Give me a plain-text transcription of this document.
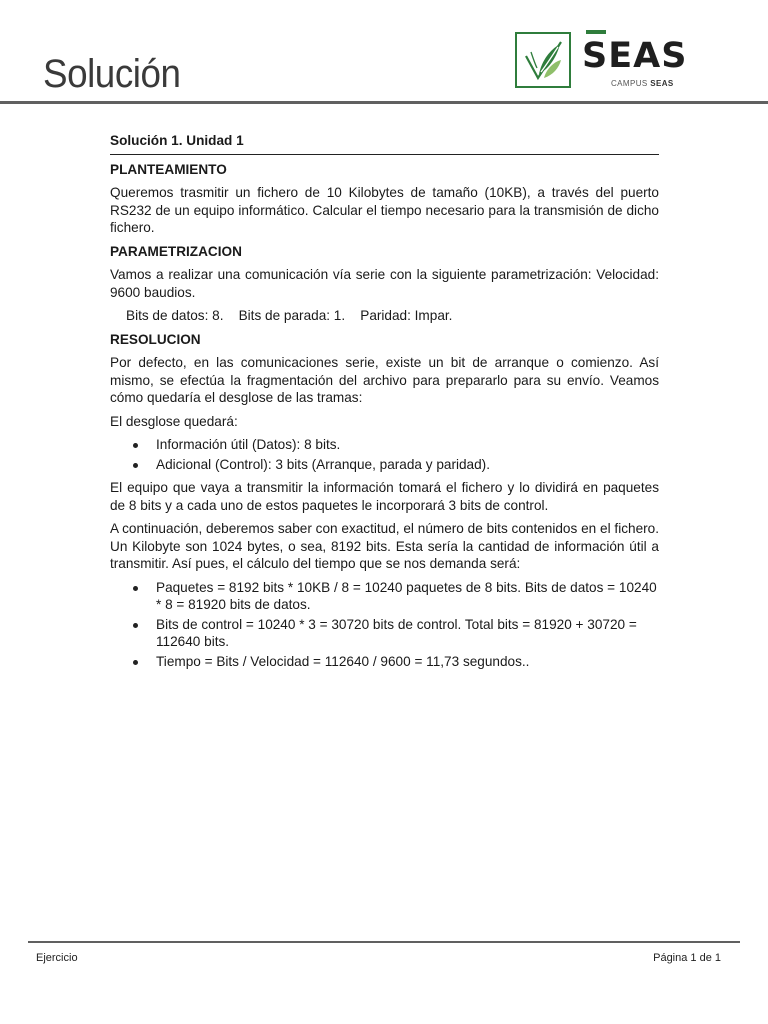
Solución	SEAS
CAMPUS SEAS
Solución 1. Unidad 1
PLANTEAMIENTO

Queremos trasmitir un fichero de 10 Kilobytes de tamaño (10KB), a través del puerto RS232 de un equipo informático. Calcular el tiempo necesario para la transmisión de dicho fichero.

PARAMETRIZACION

Vamos a realizar una comunicación vía serie con la siguiente parametrización: Velocidad: 9600 baudios.

Bits de datos: 8.    Bits de parada: 1.    Paridad: Impar.
RESOLUCION

Por defecto, en las comunicaciones serie, existe un bit de arranque o comienzo. Así mismo, se efectúa la fragmentación del archivo para prepararlo para su envío. Veamos cómo quedaría el desglose de las tramas:

El desglose quedará:

Información útil (Datos): 8 bits.
Adicional (Control): 3 bits (Arranque, parada y paridad).

El equipo que vaya a transmitir la información tomará el fichero y lo dividirá en paquetes de 8 bits y a cada uno de estos paquetes le incorporará 3 bits de control.

A continuación, deberemos saber con exactitud, el número de bits contenidos en el fichero. Un Kilobyte son 1024 bytes, o sea, 8192 bits. Esta sería la cantidad de información útil a transmitir. Así pues, el cálculo del tiempo que se nos demanda será:

Paquetes = 8192 bits * 10KB / 8 = 10240 paquetes de 8 bits. Bits de datos = 10240 * 8 = 81920 bits de datos.
Bits de control = 10240 * 3 = 30720 bits de control. Total bits = 81920 + 30720 = 112640 bits.
Tiempo = Bits / Velocidad = 112640 / 9600 = 11,73 segundos..
Ejercicio	Página 1 de 1
